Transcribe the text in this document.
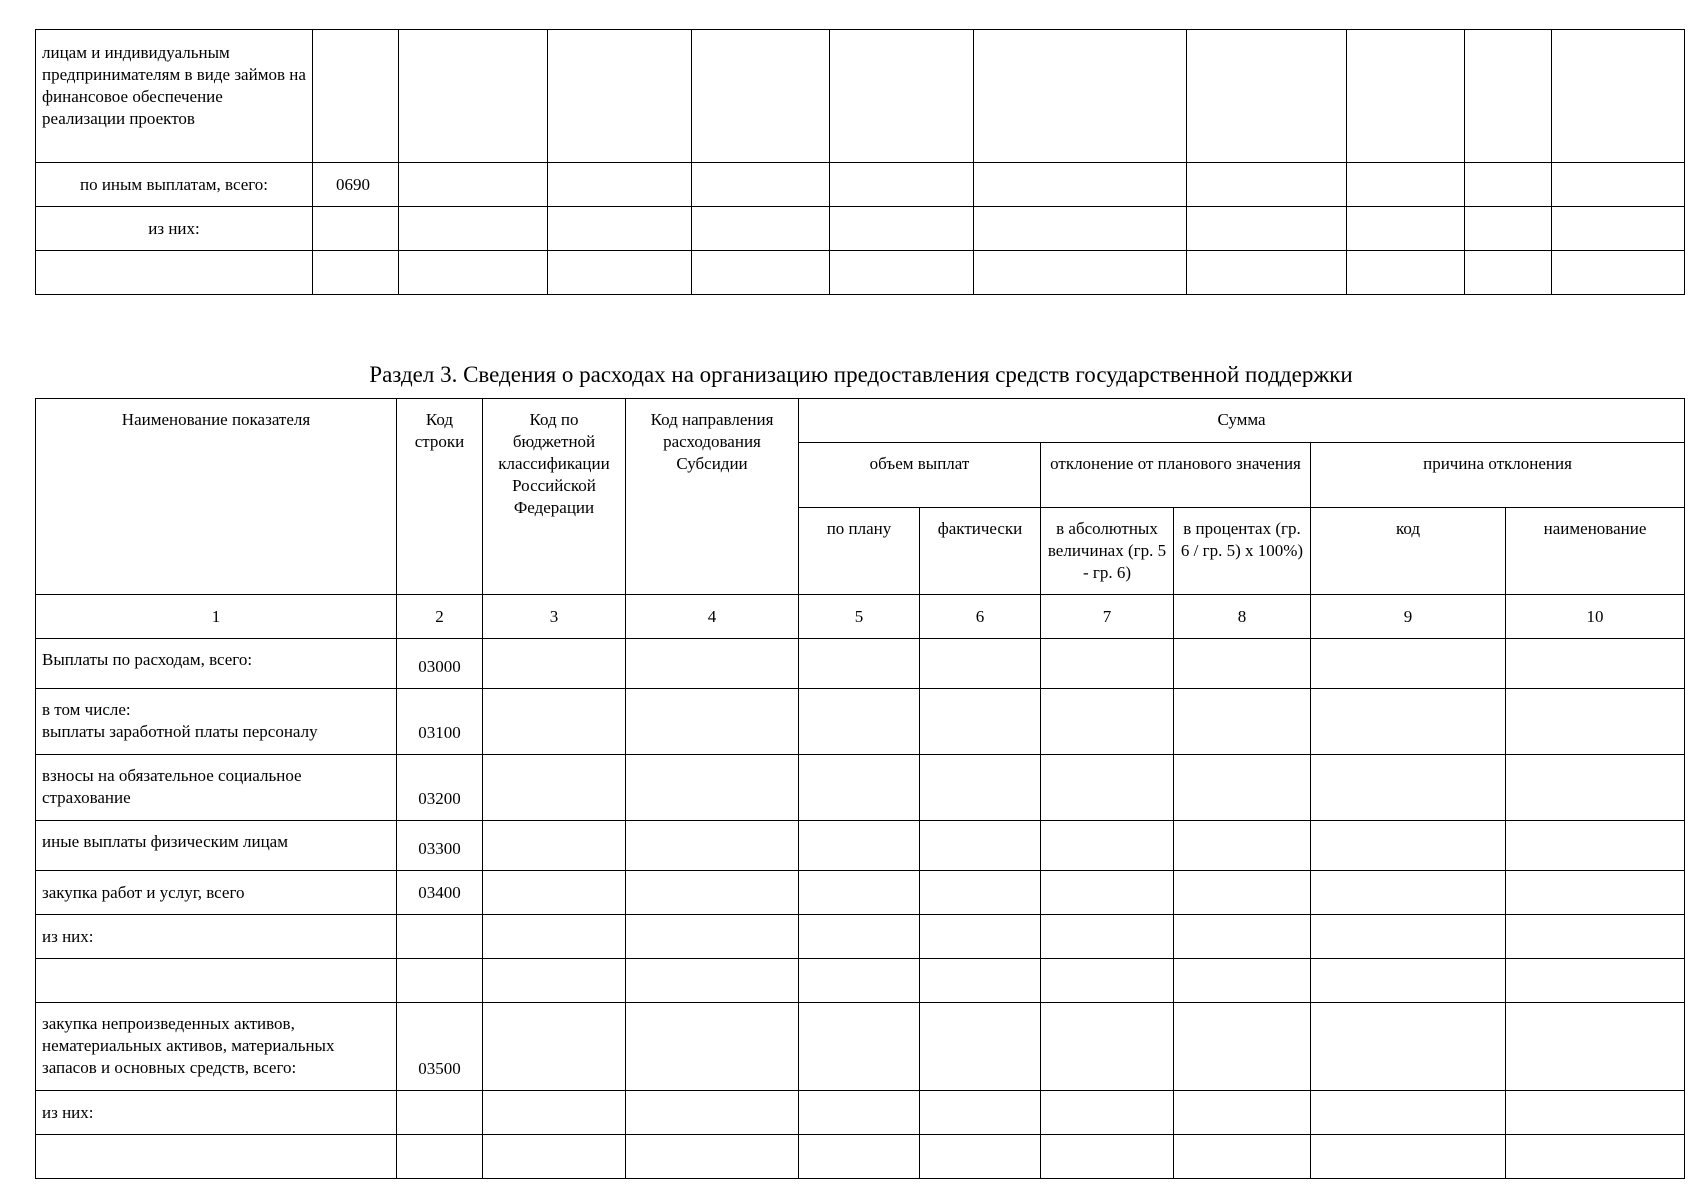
лицам и индивидуальным предпринимателям в виде займов на финансовое обеспечение реализации проектов										
по иным выплатам, всего:	0690									
из них:										

Раздел 3. Сведения о расходах на организацию предоставления средств государственной поддержки
Наименование показателя	Код строки	Код по бюджетной классификации Российской Федерации	Код направления расходования Субсидии	Сумма					
				объем выплат		отклонение от планового значения		причина отклонения	
				по плану	фактически	в абсолютных величинах (гр. 5 - гр. 6)	в процентах (гр. 6 / гр. 5) x 100%)	код	наименование
1	2	3	4	5	6	7	8	9	10
Выплаты по расходам, всего:	03000								

в том числе:
выплаты заработной платы персоналу	03100								
взносы на обязательное социальное страхование	03200								
иные выплаты физическим лицам	03300								
закупка работ и услуг, всего	03400								
из них:									

закупка непроизведенных активов, нематериальных активов, материальных запасов и основных средств, всего:	03500								
из них:									
